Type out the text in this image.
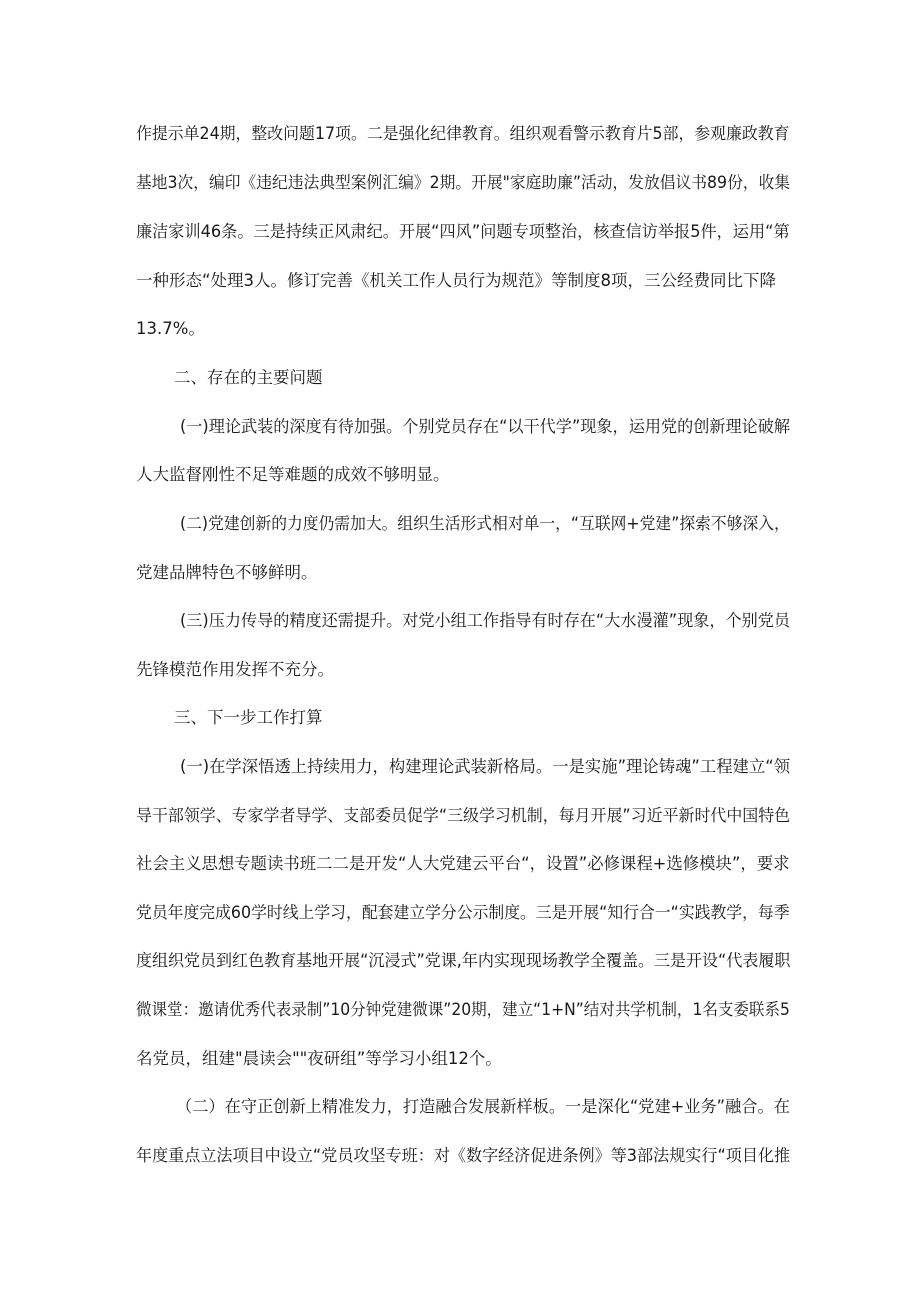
作提示单24期，整改问题17项。二是强化纪律教育。组织观看警示教育片5部，参观廉政教育
基地3次，编印《违纪违法典型案例汇编》2期。开展"家庭助廉”活动，发放倡议书89份，收集
廉洁家训46条。三是持续正风肃纪。开展“四风”问题专项整治，核查信访举报5件，运用“第
一种形态“处理3人。修订完善《机关工作人员行为规范》等制度8项，三公经费同比下降
13.7%。
二、存在的主要问题
(一)理论武装的深度有待加强。个别党员存在“以干代学”现象，运用党的创新理论破解
人大监督刚性不足等难题的成效不够明显。
(二)党建创新的力度仍需加大。组织生活形式相对单一，“互联网+党建”探索不够深入，
党建品牌特色不够鲜明。
(三)压力传导的精度还需提升。对党小组工作指导有时存在“大水漫灌”现象，个别党员
先锋模范作用发挥不充分。
三、下一步工作打算
(一)在学深悟透上持续用力，构建理论武装新格局。一是实施”理论铸魂”工程建立“领
导干部领学、专家学者导学、支部委员促学“三级学习机制，每月开展”习近平新时代中国特色
社会主义思想专题读书班二二是开发“人大党建云平台“，设置”必修课程+选修模块”，要求
党员年度完成60学时线上学习，配套建立学分公示制度。三是开展“知行合一“实践教学，每季
度组织党员到红色教育基地开展“沉浸式”党课,年内实现现场教学全覆盖。三是开设“代表履职
微课堂：邀请优秀代表录制”10分钟党建微课”20期，建立“1+N”结对共学机制，1名支委联系5
名党员，组建"晨读会""夜研组”等学习小组12个。
（二）在守正创新上精准发力，打造融合发展新样板。一是深化“党建+业务”融合。在
年度重点立法项目中设立“党员攻坚专班：对《数字经济促进条例》等3部法规实行“项目化推
